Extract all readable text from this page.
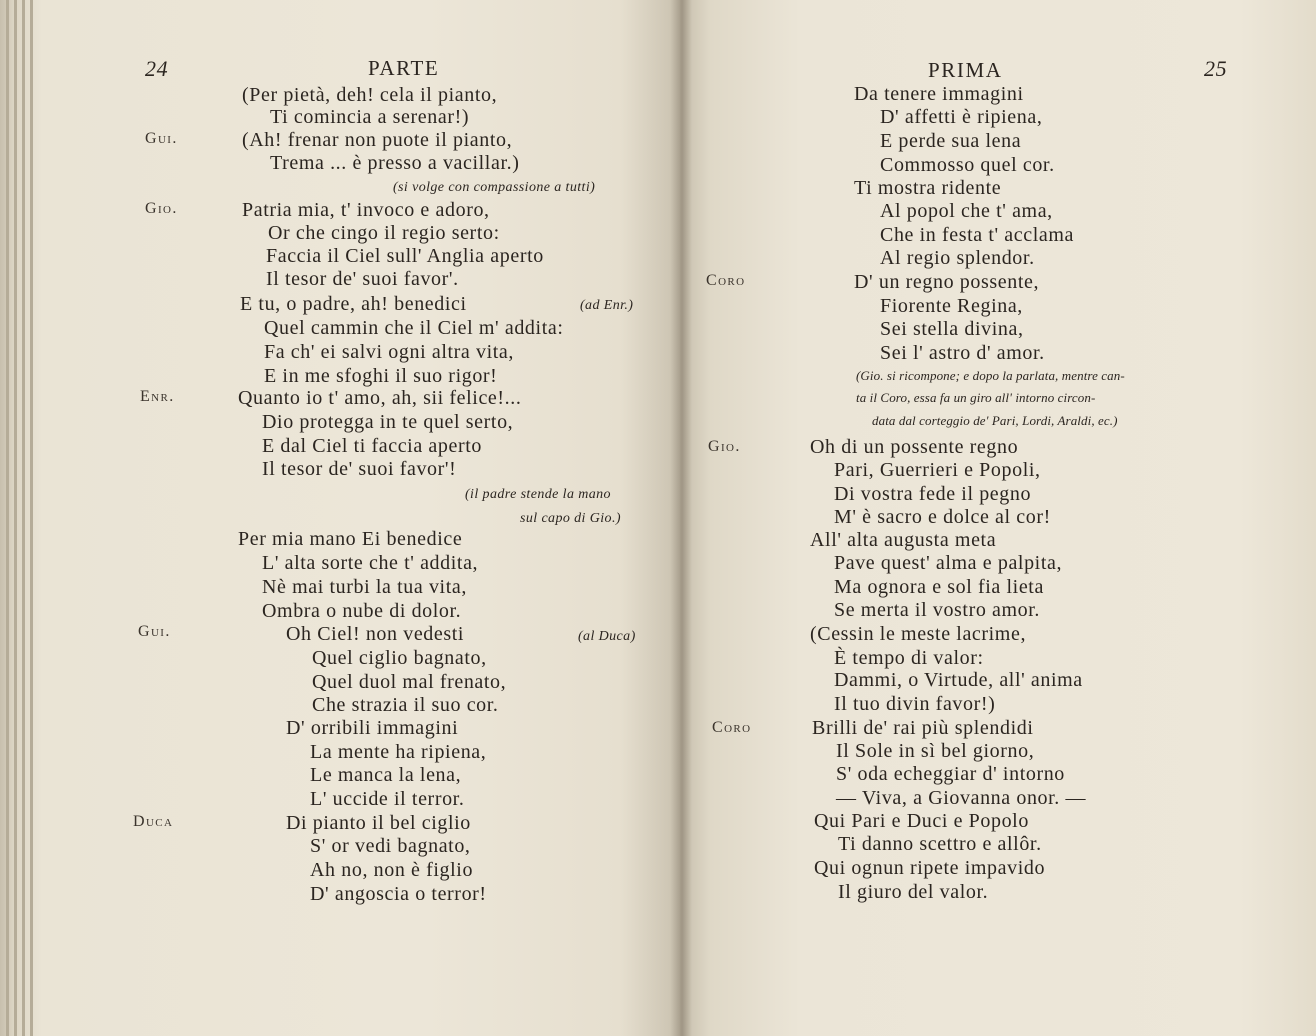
24	PARTE
(Per pietà, deh! cela il pianto,
Ti comincia a serenar!)
Gui.	(Ah! frenar non puote il pianto,
Trema ... è presso a vacillar.)
(si volge con compassione a tutti)
Gio.	Patria mia, t' invoco e adoro,
Or che cingo il regio serto:
Faccia il Ciel sull' Anglia aperto
Il tesor de' suoi favor'.
E tu, o padre, ah! benedici	(ad Enr.)
Quel cammin che il Ciel m' addita:
Fa ch' ei salvi ogni altra vita,
E in me sfoghi il suo rigor!
Enr.	Quanto io t' amo, ah, sii felice!...
Dio protegga in te quel serto,
E dal Ciel ti faccia aperto
Il tesor de' suoi favor'!
(il padre stende la mano
sul capo di Gio.)
Per mia mano Ei benedice
L' alta sorte che t' addita,
Nè mai turbi la tua vita,
Ombra o nube di dolor.
Gui.	Oh Ciel! non vedesti	(al Duca)
Quel ciglio bagnato,
Quel duol mal frenato,
Che strazia il suo cor.
D' orribili immagini
La mente ha ripiena,
Le manca la lena,
L' uccide il terror.
Duca	Di pianto il bel ciglio
S' or vedi bagnato,
Ah no, non è figlio
D' angoscia o terror!
PRIMA	25
Da tenere immagini
D' affetti è ripiena,
E perde sua lena
Commosso quel cor.
Ti mostra ridente
Al popol che t' ama,
Che in festa t' acclama
Al regio splendor.
Coro	D' un regno possente,
Fiorente Regina,
Sei stella divina,
Sei l' astro d' amor.
(Gio. si ricompone; e dopo la parlata, mentre can-
ta il Coro, essa fa un giro all' intorno circon-
data dal corteggio de' Pari, Lordi, Araldi, ec.)
Gio.	Oh di un possente regno
Pari, Guerrieri e Popoli,
Di vostra fede il pegno
M' è sacro e dolce al cor!
All' alta augusta meta
Pave quest' alma e palpita,
Ma ognora e sol fia lieta
Se merta il vostro amor.
(Cessin le meste lacrime,
È tempo di valor:
Dammi, o Virtude, all' anima
Il tuo divin favor!)
Coro	Brilli de' rai più splendidi
Il Sole in sì bel giorno,
S' oda echeggiar d' intorno
— Viva, a Giovanna onor. —
Qui Pari e Duci e Popolo
Ti danno scettro e allôr.
Qui ognun ripete impavido
Il giuro del valor.
